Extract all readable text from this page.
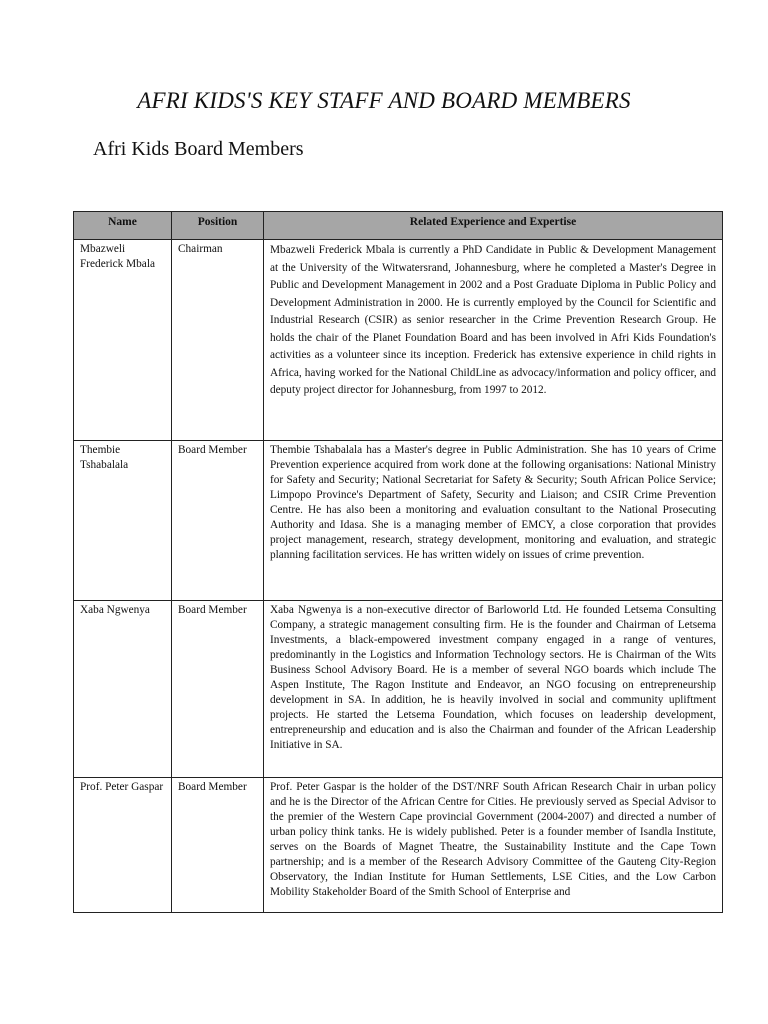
AFRI KIDS'S KEY STAFF AND BOARD MEMBERS
Afri Kids Board Members
Name	Position	Related Experience and Expertise
Mbazweli Frederick Mbala	Chairman	Mbazweli Frederick Mbala is currently a PhD Candidate in Public & Development Management at the University of the Witwatersrand, Johannesburg, where he completed a Master's Degree in Public and Development Management in 2002 and a Post Graduate Diploma in Public Policy and Development Administration in 2000. He is currently employed by the Council for Scientific and Industrial Research (CSIR) as senior researcher in the Crime Prevention Research Group. He holds the chair of the Planet Foundation Board and has been involved in Afri Kids Foundation's activities as a volunteer since its inception. Frederick has extensive experience in child rights in Africa, having worked for the National ChildLine as advocacy/information and policy officer, and deputy project director for Johannesburg, from 1997 to 2012.
Thembie Tshabalala	Board Member	Thembie Tshabalala has a Master's degree in Public Administration. She has 10 years of Crime Prevention experience acquired from work done at the following organisations: National Ministry for Safety and Security; National Secretariat for Safety & Security; South African Police Service; Limpopo Province's Department of Safety, Security and Liaison; and CSIR Crime Prevention Centre. He has also been a monitoring and evaluation consultant to the National Prosecuting Authority and Idasa. She is a managing member of EMCY, a close corporation that provides project management, research, strategy development, monitoring and evaluation, and strategic planning facilitation services. He has written widely on issues of crime prevention.
Xaba Ngwenya	Board Member	Xaba Ngwenya is a non-executive director of Barloworld Ltd. He founded Letsema Consulting Company, a strategic management consulting firm. He is the founder and Chairman of Letsema Investments, a black-empowered investment company engaged in a range of ventures, predominantly in the Logistics and Information Technology sectors. He is Chairman of the Wits Business School Advisory Board. He is a member of several NGO boards which include The Aspen Institute, The Ragon Institute and Endeavor, an NGO focusing on entrepreneurship development in SA. In addition, he is heavily involved in social and community upliftment projects. He started the Letsema Foundation, which focuses on leadership development, entrepreneurship and education and is also the Chairman and founder of the African Leadership Initiative in SA.
Prof. Peter Gaspar	Board Member	Prof. Peter Gaspar is the holder of the DST/NRF South African Research Chair in urban policy and he is the Director of the African Centre for Cities. He previously served as Special Advisor to the premier of the Western Cape provincial Government (2004-2007) and directed a number of urban policy think tanks. He is widely published. Peter is a founder member of Isandla Institute, serves on the Boards of Magnet Theatre, the Sustainability Institute and the Cape Town partnership; and is a member of the Research Advisory Committee of the Gauteng City-Region Observatory, the Indian Institute for Human Settlements, LSE Cities, and the Low Carbon Mobility Stakeholder Board of the Smith School of Enterprise and
